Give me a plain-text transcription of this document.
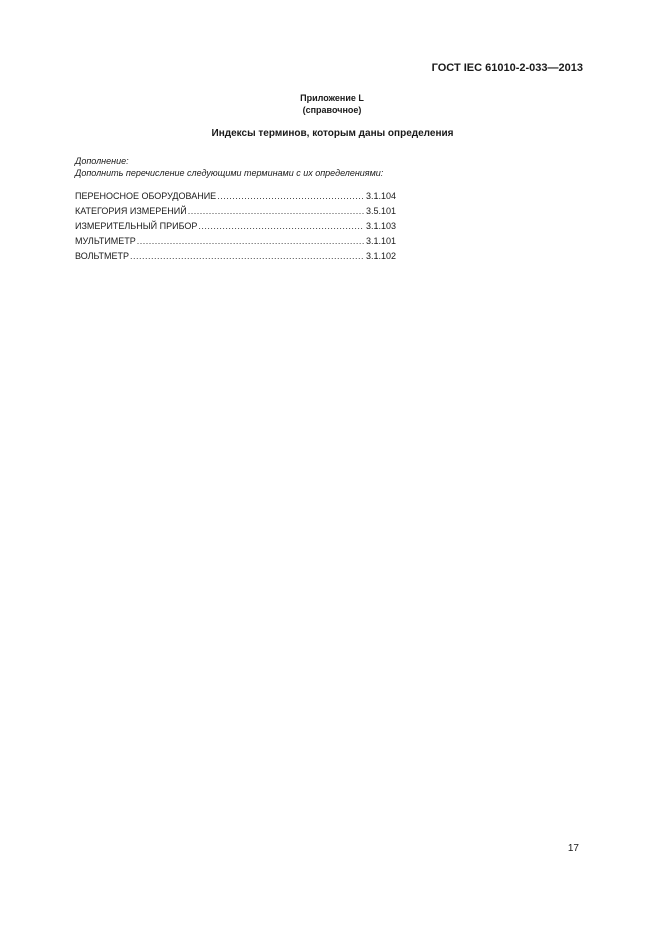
ГОСТ IEC 61010-2-033—2013
Приложение L
(справочное)
Индексы терминов, которым даны определения
Дополнение:
Дополнить перечисление следующими терминами с их определениями:
ПЕРЕНОСНОЕ ОБОРУДОВАНИЕ .....	3.1.104
КАТЕГОРИЯ ИЗМЕРЕНИЙ .....	3.5.101
ИЗМЕРИТЕЛЬНЫЙ ПРИБОР .....	3.1.103
МУЛЬТИМЕТР .....	3.1.101
ВОЛЬТМЕТР .....	3.1.102
17
